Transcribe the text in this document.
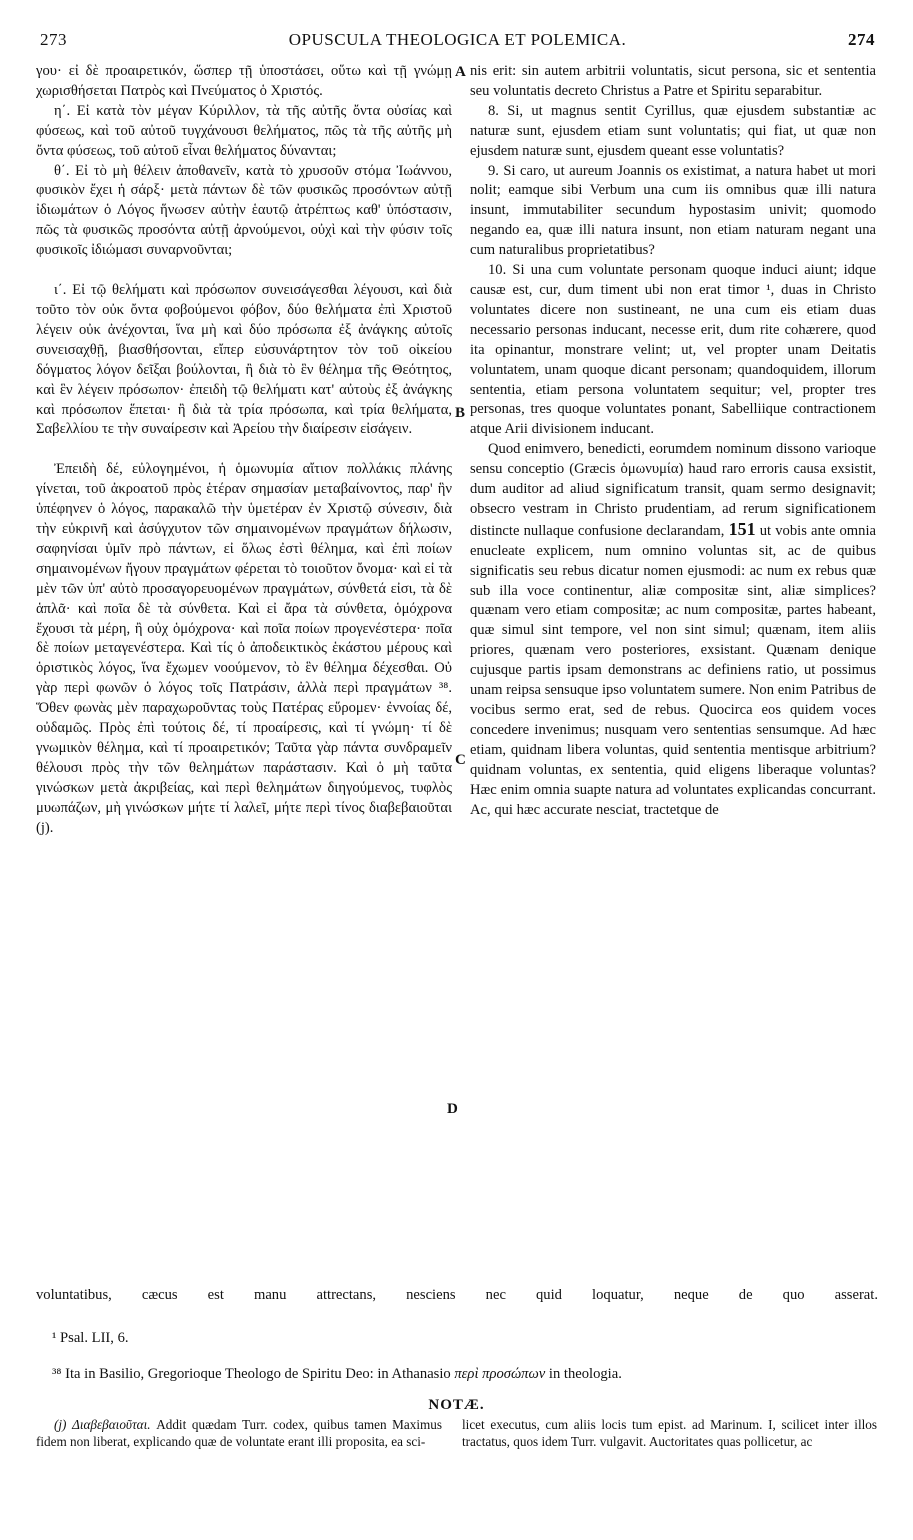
273	OPUSCULA THEOLOGICA ET POLEMICA.	274
A
B
C
D

γου· εἰ δὲ προαιρετικόν, ὥσπερ τῇ ὑποστάσει, οὕτω καὶ τῇ γνώμῃ χωρισθήσεται Πατρὸς καὶ Πνεύματος ὁ Χριστός.

η΄. Εἰ κατὰ τὸν μέγαν Κύριλλον, τὰ τῆς αὐτῆς ὄντα οὐσίας καὶ φύσεως, καὶ τοῦ αὐτοῦ τυγχάνουσι θελήματος, πῶς τὰ τῆς αὐτῆς μὴ ὄντα φύσεως, τοῦ αὐτοῦ εἶναι θελήματος δύνανται;

θ΄. Εἰ τὸ μὴ θέλειν ἀποθανεῖν, κατὰ τὸ χρυσοῦν στόμα Ἰωάννου, φυσικὸν ἔχει ἡ σάρξ· μετὰ πάντων δὲ τῶν φυσικῶς προσόντων αὐτῇ ἰδιωμάτων ὁ Λόγος ἥνωσεν αὐτὴν ἑαυτῷ ἀτρέπτως καθ' ὑπόστασιν, πῶς τὰ φυσικῶς προσόντα αὐτῇ ἀρνούμενοι, οὐχὶ καὶ τὴν φύσιν τοῖς φυσικοῖς ἰδιώμασι συναρνοῦνται;

ι΄. Εἰ τῷ θελήματι καὶ πρόσωπον συνεισάγεσθαι λέγουσι, καὶ διὰ τοῦτο τὸν οὐκ ὄντα φοβούμενοι φόβον, δύο θελήματα ἐπὶ Χριστοῦ λέγειν οὐκ ἀνέχονται, ἵνα μὴ καὶ δύο πρόσωπα ἐξ ἀνάγκης αὐτοῖς συνεισαχθῇ, βιασθήσονται, εἴπερ εὐσυνάρτητον τὸν τοῦ οἰκείου δόγματος λόγον δεῖξαι βούλονται, ἢ διὰ τὸ ἓν θέλημα τῆς Θεότητος, καὶ ἓν λέγειν πρόσωπον· ἐπειδὴ τῷ θελήματι κατ' αὐτοὺς ἐξ ἀνάγκης καὶ πρόσωπον ἕπεται· ἢ διὰ τὰ τρία πρόσωπα, καὶ τρία θελήματα, Σαβελλίου τε τὴν συναίρεσιν καὶ Ἀρείου τὴν διαίρεσιν εἰσάγειν.

Ἐπειδὴ δέ, εὐλογημένοι, ἡ ὁμωνυμία αἴτιον πολλάκις πλάνης γίνεται, τοῦ ἀκροατοῦ πρὸς ἑτέραν σημασίαν μεταβαίνοντος, παρ' ἣν ὑπέφηνεν ὁ λόγος, παρακαλῶ τὴν ὑμετέραν ἐν Χριστῷ σύνεσιν, διὰ τὴν εὐκρινῆ καὶ ἀσύγχυτον τῶν σημαινομένων πραγμάτων δήλωσιν, σαφηνίσαι ὑμῖν πρὸ πάντων, εἰ ὅλως ἐστὶ θέλημα, καὶ ἐπὶ ποίων σημαινομένων ἤγουν πραγμάτων φέρεται τὸ τοιοῦτον ὄνομα· καὶ εἰ τὰ μὲν τῶν ὑπ' αὐτὸ προσαγορευομένων πραγμάτων, σύνθετά εἰσι, τὰ δὲ ἁπλᾶ· καὶ ποῖα δὲ τὰ σύνθετα. Καὶ εἰ ἄρα τὰ σύνθετα, ὁμόχρονα ἔχουσι τὰ μέρη, ἢ οὐχ ὁμόχρονα· καὶ ποῖα ποίων προγενέστερα· ποῖα δὲ ποίων μεταγενέστερα. Καὶ τίς ὁ ἀποδεικτικὸς ἑκάστου μέρους καὶ ὁριστικὸς λόγος, ἵνα ἔχωμεν νοούμενον, τὸ ἓν θέλημα δέχεσθαι. Οὐ γὰρ περὶ φωνῶν ὁ λόγος τοῖς Πατράσιν, ἀλλὰ περὶ πραγμάτων ³⁸. Ὅθεν φωνὰς μὲν παραχωροῦντας τοὺς Πατέρας εὕρομεν· ἐννοίας δέ, οὐδαμῶς. Πρὸς ἐπὶ τούτοις δέ, τί προαίρεσις, καὶ τί γνώμη· τί δὲ γνωμικὸν θέλημα, καὶ τί προαιρετικόν; Ταῦτα γὰρ πάντα συνδραμεῖν θέλουσι πρὸς τὴν τῶν θελημάτων παράστασιν. Καὶ ὁ μὴ ταῦτα γινώσκων μετὰ ἀκριβείας, καὶ περὶ θελημάτων διηγούμενος, τυφλὸς μυωπάζων, μὴ γινώσκων μήτε τί λαλεῖ, μήτε περὶ τίνος διαβεβαιοῦται (j).

nis erit: sin autem arbitrii voluntatis, sicut persona, sic et sententia seu voluntatis decreto Christus a Patre et Spiritu separabitur.

8. Si, ut magnus sentit Cyrillus, quæ ejusdem substantiæ ac naturæ sunt, ejusdem etiam sunt voluntatis; qui fiat, ut quæ non ejusdem naturæ sunt, ejusdem queant esse voluntatis?

9. Si caro, ut aureum Joannis os existimat, a natura habet ut mori nolit; eamque sibi Verbum una cum iis omnibus quæ illi natura insunt, immutabiliter secundum hypostasim univit; quomodo negando ea, quæ illi natura insunt, non etiam naturam negant una cum naturalibus proprietatibus?

10. Si una cum voluntate personam quoque induci aiunt; idque causæ est, cur, dum timent ubi non erat timor ¹, duas in Christo voluntates dicere non sustineant, ne una cum eis etiam duas necessario personas inducant, necesse erit, dum rite cohærere, quod ita opinantur, monstrare velint; ut, vel propter unam Deitatis voluntatem, unam quoque dicant personam; quandoquidem, illorum sententia, etiam persona voluntatem sequitur; vel, propter tres personas, tres quoque voluntates ponant, Sabelliique contractionem atque Arii divisionem inducant.

Quod enimvero, benedicti, eorumdem nominum dissono varioque sensu conceptio (Græcis ὁμωνυμία) haud raro erroris causa exsistit, dum auditor ad aliud significatum transit, quam sermo designavit; obsecro vestram in Christo prudentiam, ad rerum significationem distincte nullaque confusione declarandam, 151 ut vobis ante omnia enucleate explicem, num omnino voluntas sit, ac de quibus significatis seu rebus dicatur nomen ejusmodi: ac num ex rebus quæ sub illa voce continentur, aliæ compositæ sint, aliæ simplices? quænam vero etiam compositæ; ac num compositæ, partes habeant, quæ simul sint tempore, vel non sint simul; quænam, item aliis priores, quænam vero posteriores, exsistant. Quænam denique cujusque partis ipsam demonstrans ac definiens ratio, ut possimus unam reipsa sensuque ipso voluntatem sumere. Non enim Patribus de vocibus sermo erat, sed de rebus. Quocirca eos quidem voces concedere invenimus; nusquam vero sententias sensumque. Ad hæc etiam, quidnam libera voluntas, quid sententia mentisque arbitrium? quidnam voluntas, ex sententia, quid eligens liberaque voluntas? Hæc enim omnia suapte natura ad voluntates explicandas concurrant. Ac, qui hæc accurate nesciat, tractetque de

voluntatibus, cæcus est manu attrectans, nesciens nec quid loquatur, neque de quo asserat.
¹ Psal. LII, 6.
³⁸ Ita in Basilio, Gregorioque Theologo de Spiritu Deo: in Athanasio περὶ προσώπων in theologia.
NOTÆ.

(j) Διαβεβαιοῦται. Addit quædam Turr. codex, quibus tamen Maximus fidem non liberat, explicando quæ de voluntate erant illi proposita, ea sci-

licet executus, cum aliis locis tum epist. ad Marinum. I, scilicet inter illos tractatus, quos idem Turr. vulgavit. Auctoritates quas pollicetur, ac
